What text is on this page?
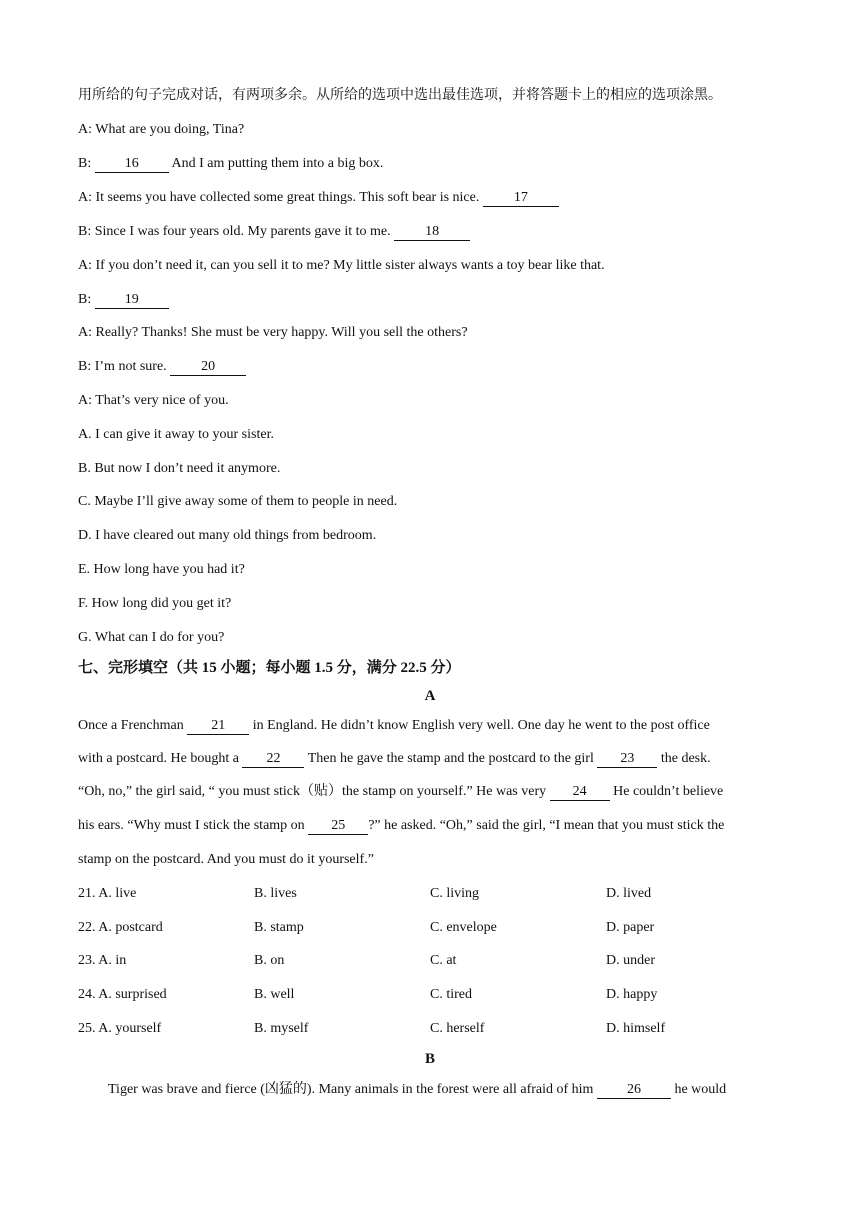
用所给的句子完成对话，有两项多余。从所给的选项中选出最佳选项，并将答题卡上的相应的选项涂黑。
A: What are you doing, Tina?
B: 16 And I am putting them into a big box.
A: It seems you have collected some great things. This soft bear is nice. 17
B: Since I was four years old. My parents gave it to me. 18
A: If you don’t need it, can you sell it to me? My little sister always wants a toy bear like that.
B: 19
A: Really? Thanks! She must be very happy. Will you sell the others?
B: I’m not sure. 20
A: That’s very nice of you.
A. I can give it away to your sister.
B. But now I don’t need it anymore.
C. Maybe I’ll give away some of them to people in need.
D. I have cleared out many old things from bedroom.
E. How long have you had it?
F. How long did you get it?
G. What can I do for you?
七、完形填空（共 15 小题；每小题 1.5 分，满分 22.5 分）
A
Once a Frenchman 21 in England. He didn’t know English very well. One day he went to the post office
with a postcard. He bought a 22 Then he gave the stamp and the postcard to the girl 23 the desk.
“Oh, no,” the girl said, “ you must stick（贴）the stamp on yourself.” He was very 24 He couldn’t believe
his ears. “Why must I stick the stamp on 25 ?” he asked. “Oh,” said the girl, “I mean that you must stick the
stamp on the postcard. And you must do it yourself.”
21. A. live	B. lives	C. living	D. lived
22. A. postcard	B. stamp	C. envelope	D. paper
23. A. in	B. on	C. at	D. under
24. A. surprised	B. well	C. tired	D. happy
25. A. yourself	B. myself	C. herself	D. himself
B
Tiger was brave and fierce (凶猛的). Many animals in the forest were all afraid of him 26 he would
